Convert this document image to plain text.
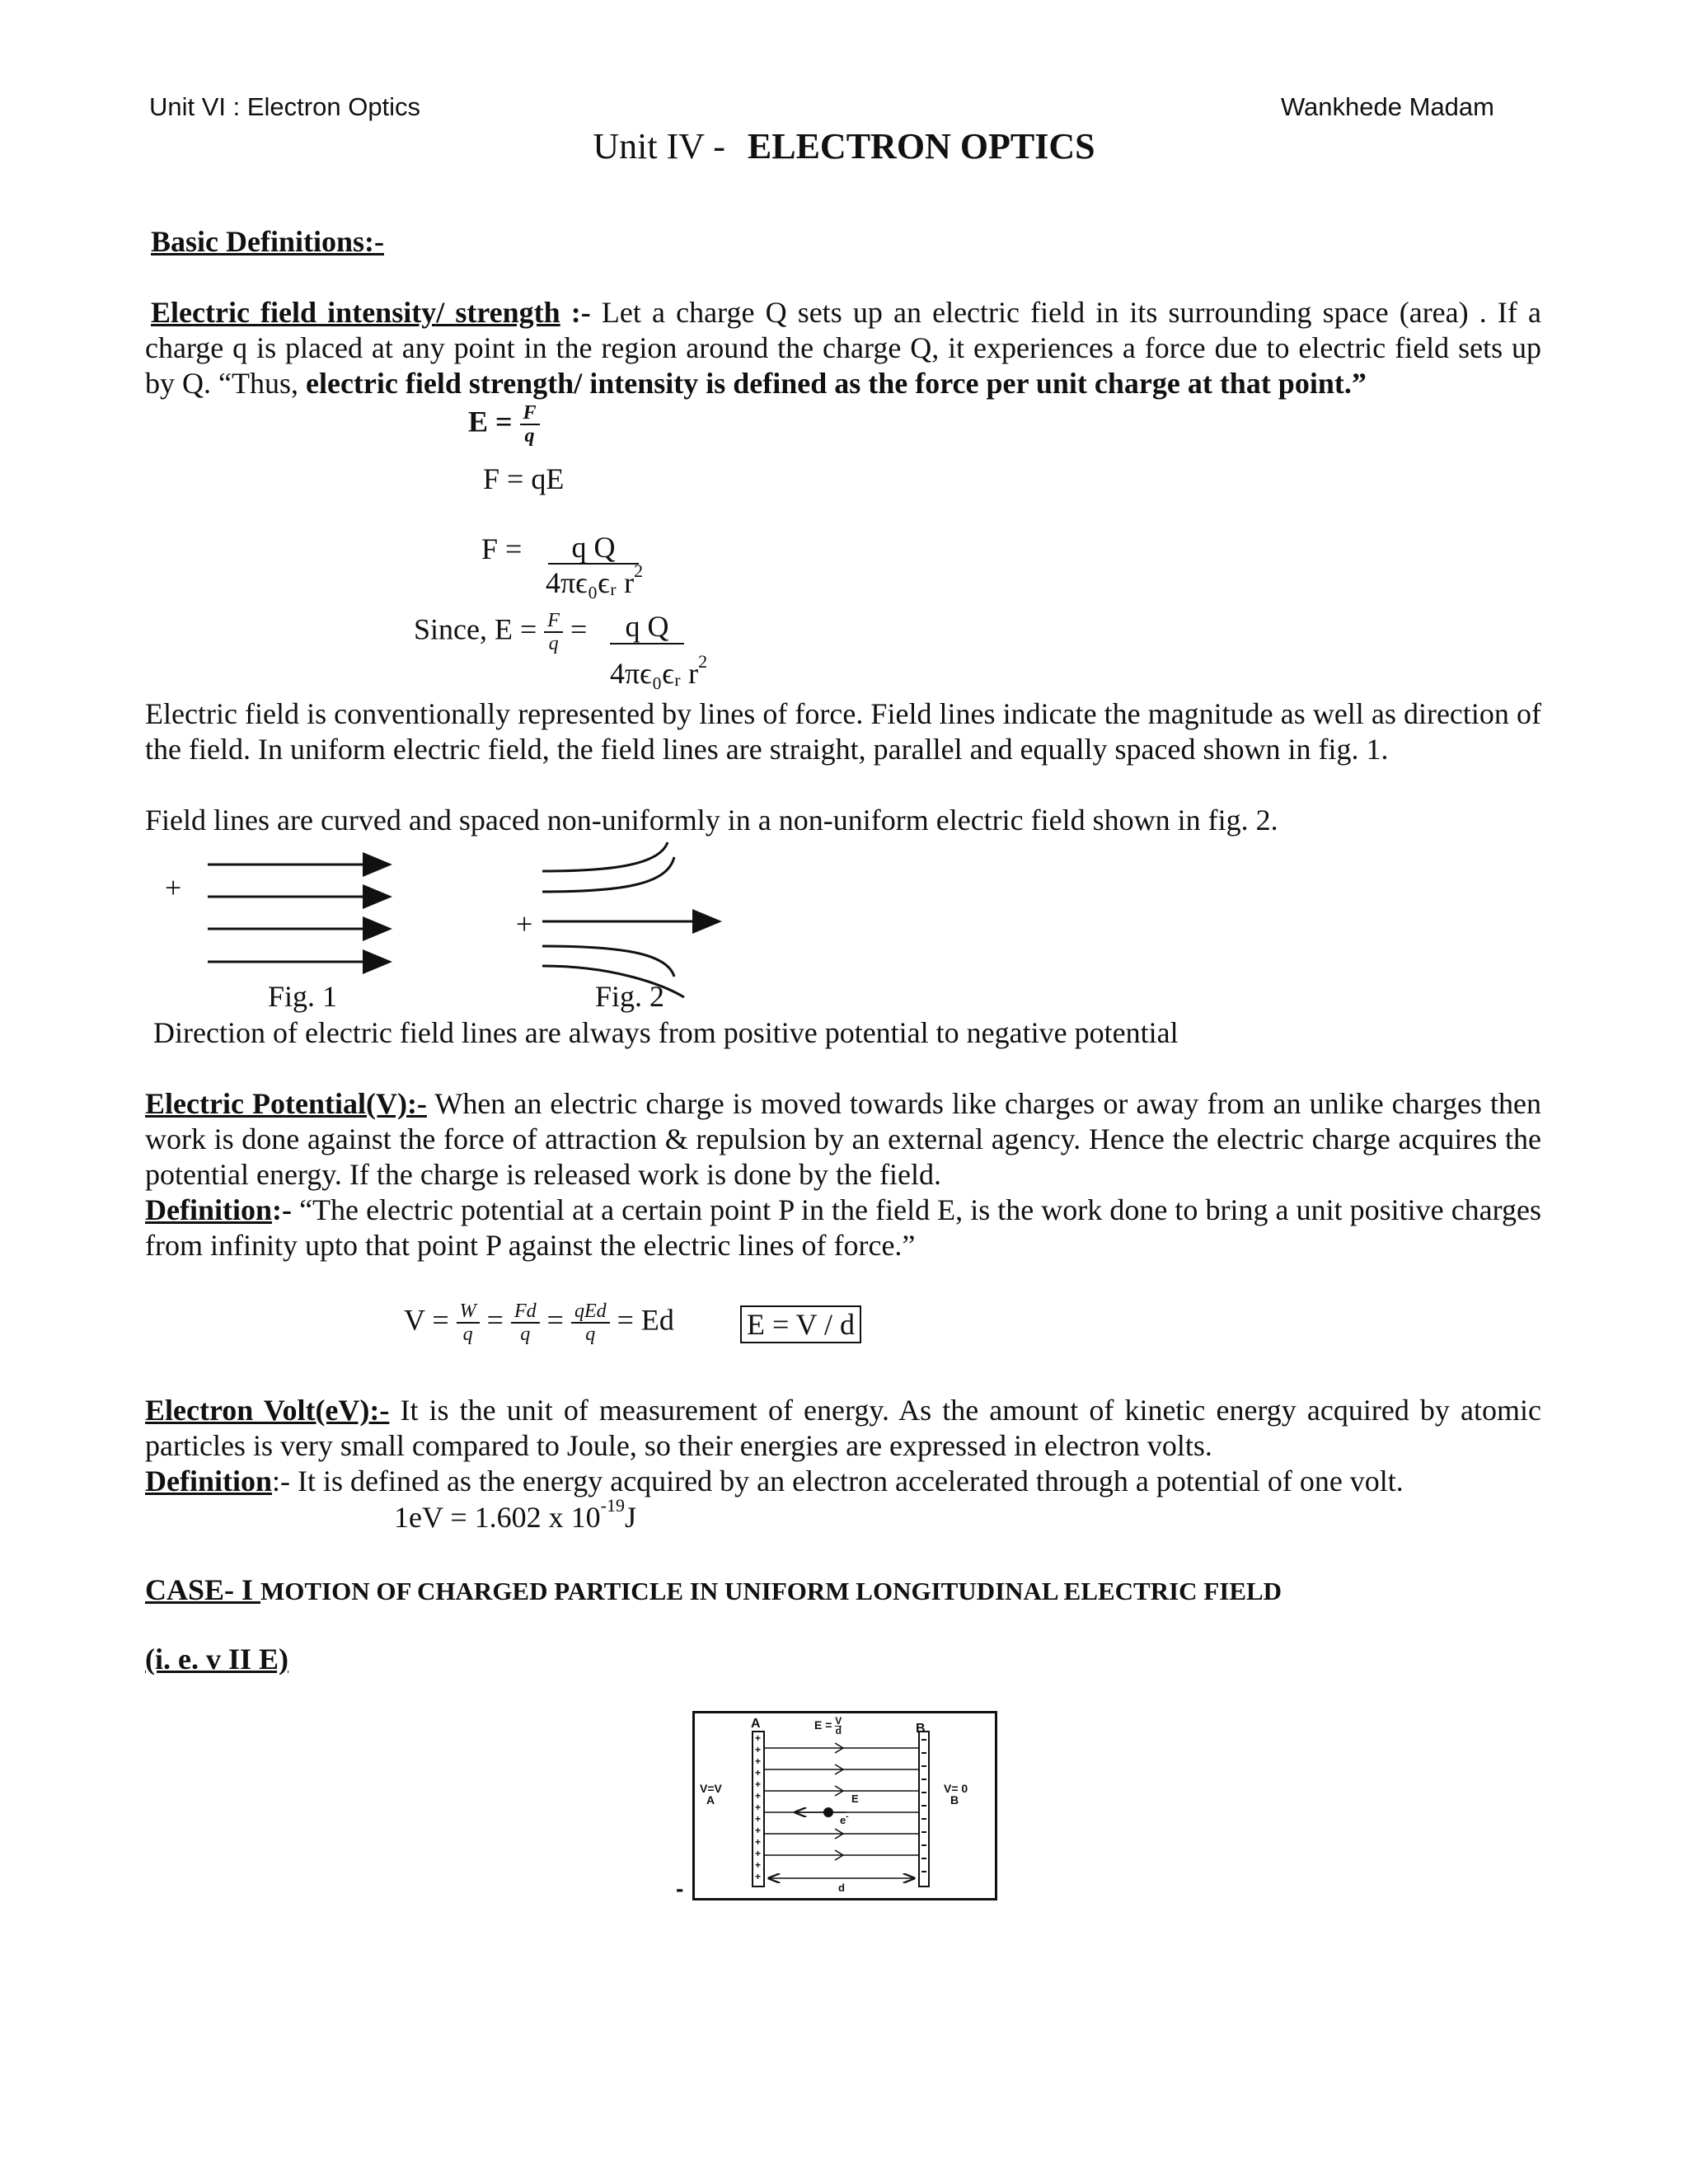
Unit VI : Electron Optics	Wankhede Madam
Unit IV - ELECTRON OPTICS
Basic Definitions:-
Electric field intensity/ strength :- Let a charge Q sets up an electric field in its surrounding space (area) . If a charge q is placed at any point in the region around the charge Q, it experiences a force due to electric field sets up by Q. “Thus, electric field strength/ intensity is defined as the force per unit charge at that point.”
$E = \frac{F}{q}$
F = qE
F =	q Q
4πϵ₀ϵᵣ $r^2$
Since, $E = \frac{F}{q}$ =	q Q
4πϵ₀ϵᵣ $r^2$
Electric field is conventionally represented by lines of force. Field lines indicate the magnitude as well as direction of the field. In uniform electric field, the field lines are straight, parallel and equally spaced shown in fig. 1.
Field lines are curved and spaced non-uniformly in a non-uniform electric field shown in fig. 2.
+
+
Fig. 1	Fig. 2
Direction of electric field lines are always from positive potential to negative potential
Electric Potential(V):- When an electric charge is moved towards like charges or away from an unlike charges then work is done against the force of attraction & repulsion by an external agency. Hence the electric charge acquires the potential energy. If the charge is released work is done by the field.
Definition:- “The electric potential at a certain point P in the field E, is the work done to bring a unit positive charges from infinity upto that point P against the electric lines of force.”
$V = \frac{W}{q} = \frac{Fd}{q} = \frac{\text{qEd}}{q} = Ed$ E = V / d
Electron Volt(eV):- It is the unit of measurement of energy. As the amount of kinetic energy acquired by atomic particles is very small compared to Joule, so their energies are expressed in electron volts.
Definition:- It is defined as the energy acquired by an electron accelerated through a potential of one volt.
1eV = 1.602 x $10^{-19}J$
CASE- I MOTION OF CHARGED PARTICLE IN UNIFORM LONGITUDINAL ELECTRIC FIELD
(i. e. v II E)
+
+
+
+
+
+
+
+
+
+
+
+
+
A	B
$E = \frac{V}{d}$
V=V
A
V= 0
B
E
e-
d
-
